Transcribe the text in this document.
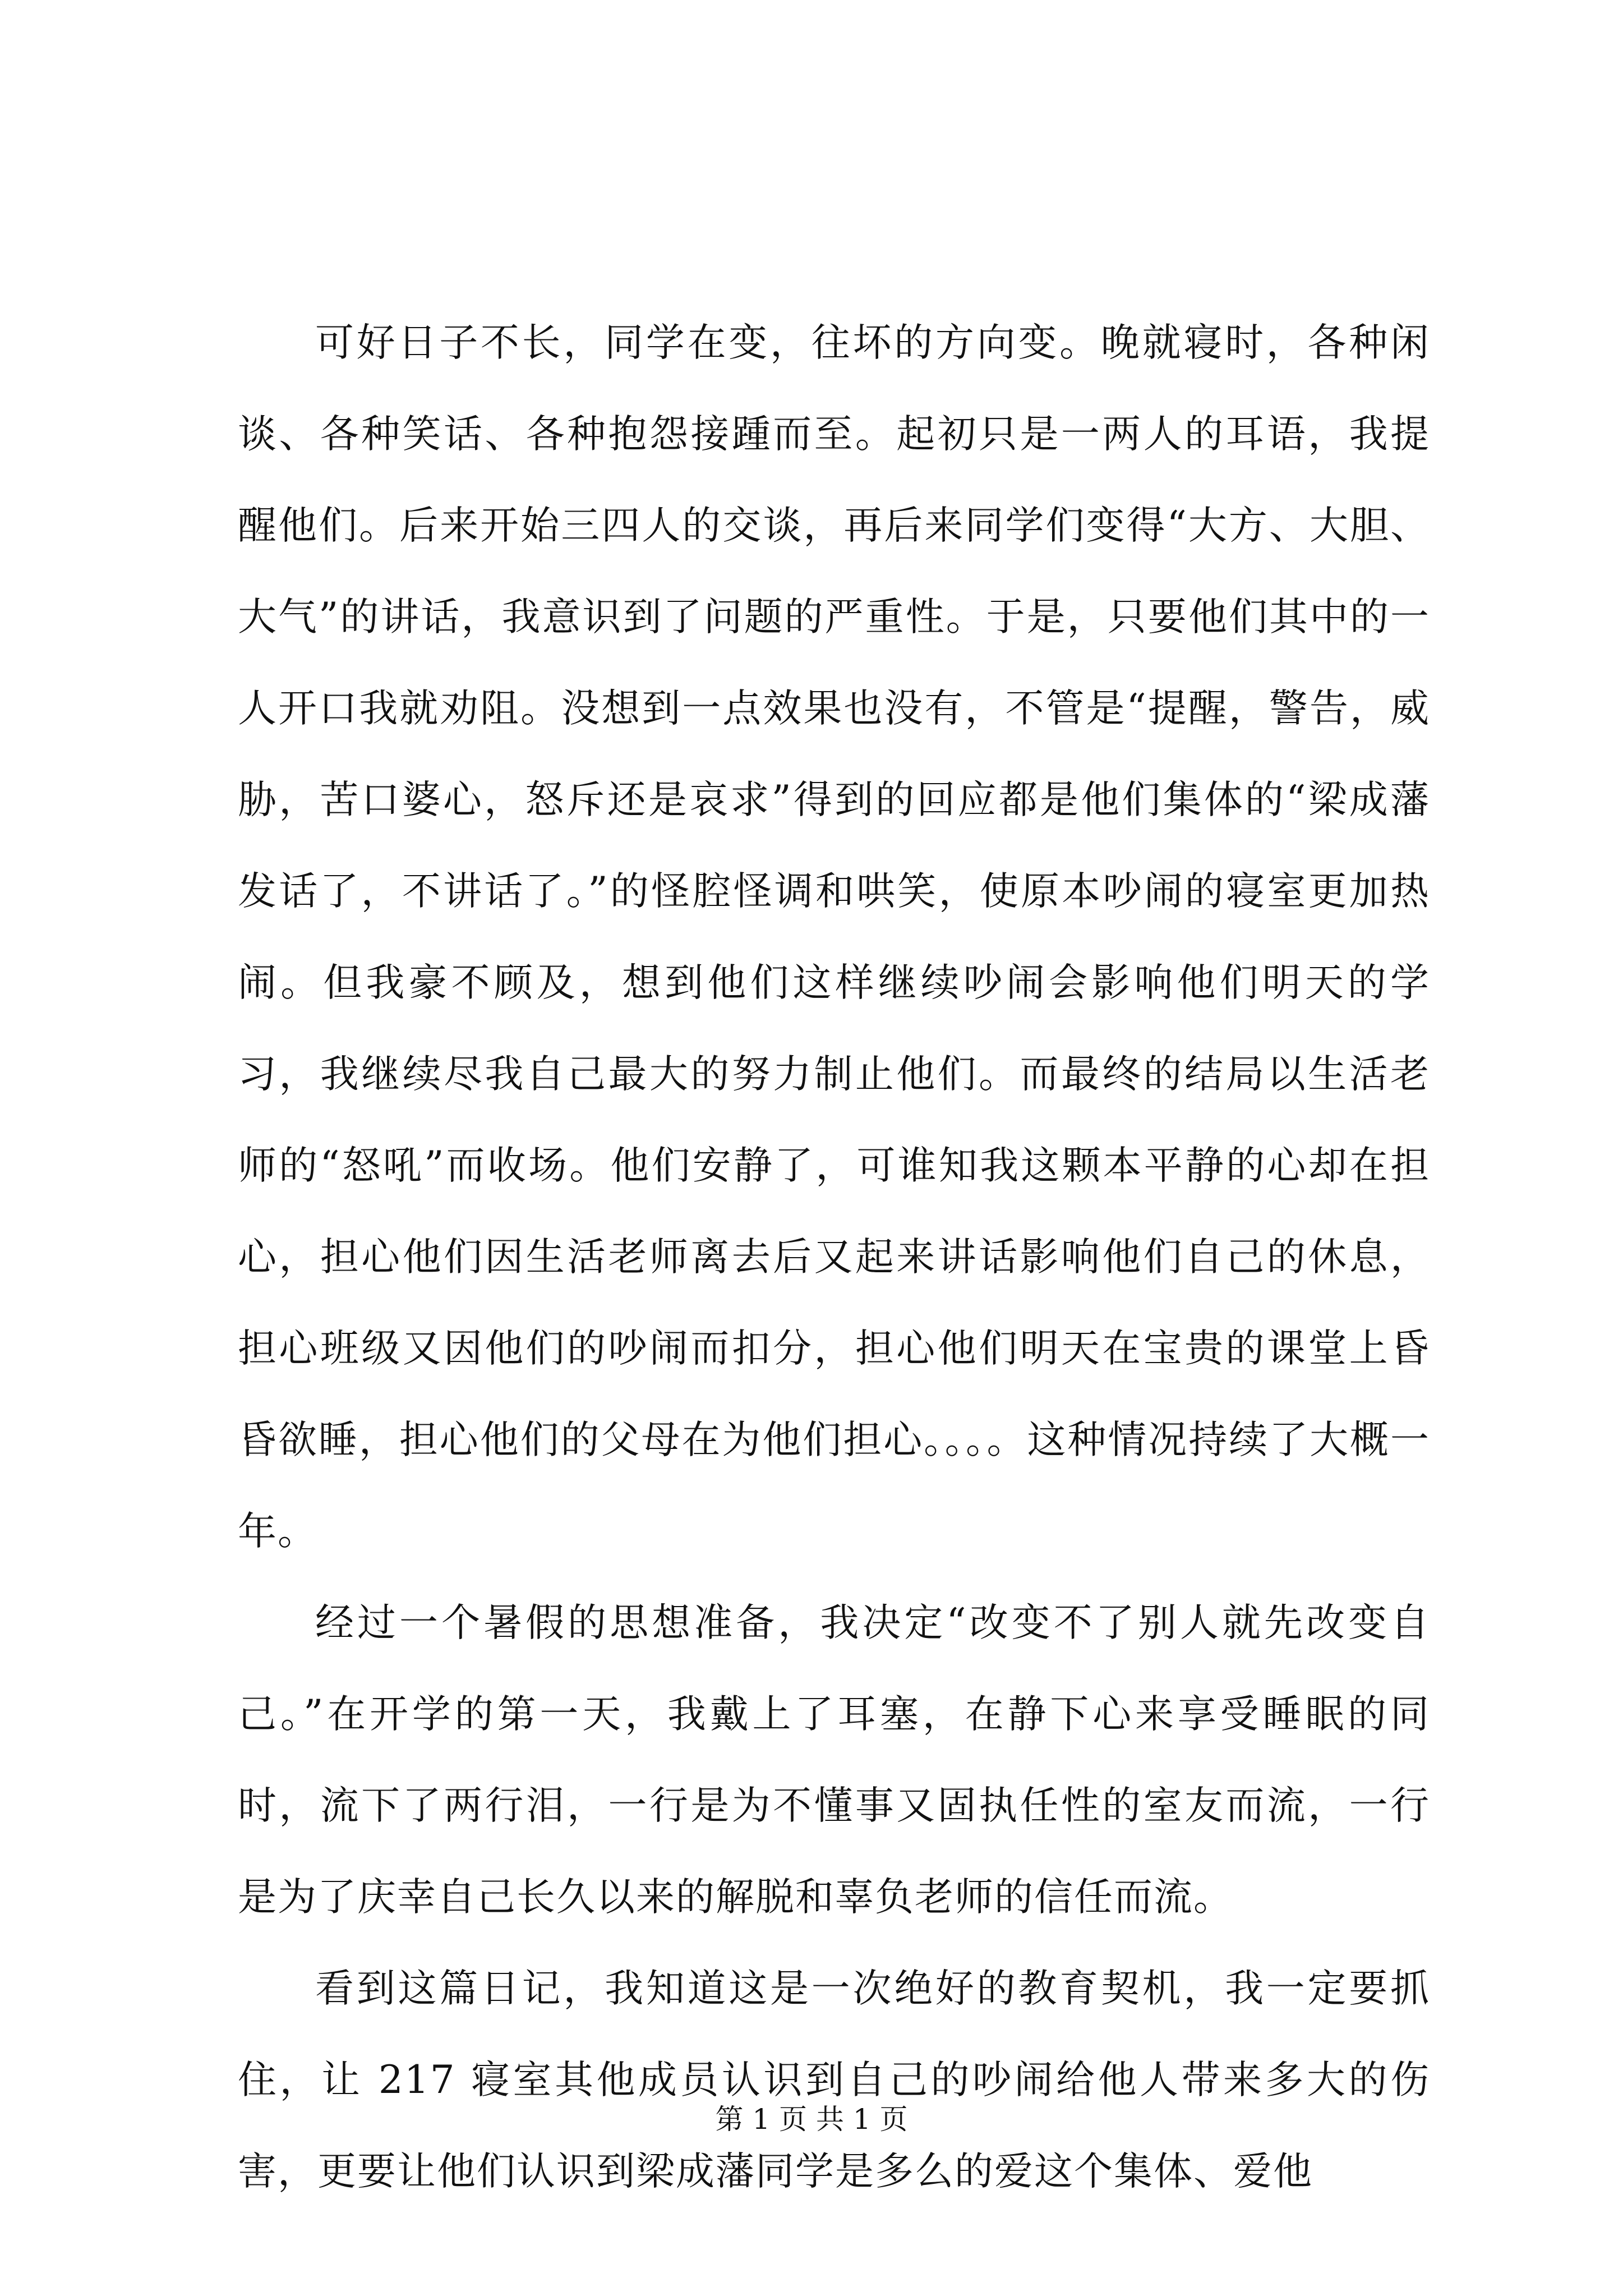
可好日子不长，同学在变，往坏的方向变。晚就寝时，各种闲谈、各种笑话、各种抱怨接踵而至。起初只是一两人的耳语，我提醒他们。后来开始三四人的交谈，再后来同学们变得“大方、大胆、大气”的讲话，我意识到了问题的严重性。于是，只要他们其中的一人开口我就劝阻。没想到一点效果也没有，不管是“提醒，警告，威胁，苦口婆心，怒斥还是哀求”得到的回应都是他们集体的“梁成藩发话了，不讲话了。”的怪腔怪调和哄笑，使原本吵闹的寝室更加热闹。但我豪不顾及，想到他们这样继续吵闹会影响他们明天的学习，我继续尽我自己最大的努力制止他们。而最终的结局以生活老师的“怒吼”而收场。他们安静了，可谁知我这颗本平静的心却在担心，担心他们因生活老师离去后又起来讲话影响他们自己的休息，担心班级又因他们的吵闹而扣分，担心他们明天在宝贵的课堂上昏昏欲睡，担心他们的父母在为他们担心。。。。这种情况持续了大概一年。

经过一个暑假的思想准备，我决定“改变不了别人就先改变自己。”在开学的第一天，我戴上了耳塞，在静下心来享受睡眠的同时，流下了两行泪，一行是为不懂事又固执任性的室友而流，一行是为了庆幸自己长久以来的解脱和辜负老师的信任而流。

看到这篇日记，我知道这是一次绝好的教育契机，我一定要抓住，让 217 寝室其他成员认识到自己的吵闹给他人带来多大的伤害，更要让他们认识到梁成藩同学是多么的爱这个集体、爱他

第 1 页 共 1 页
